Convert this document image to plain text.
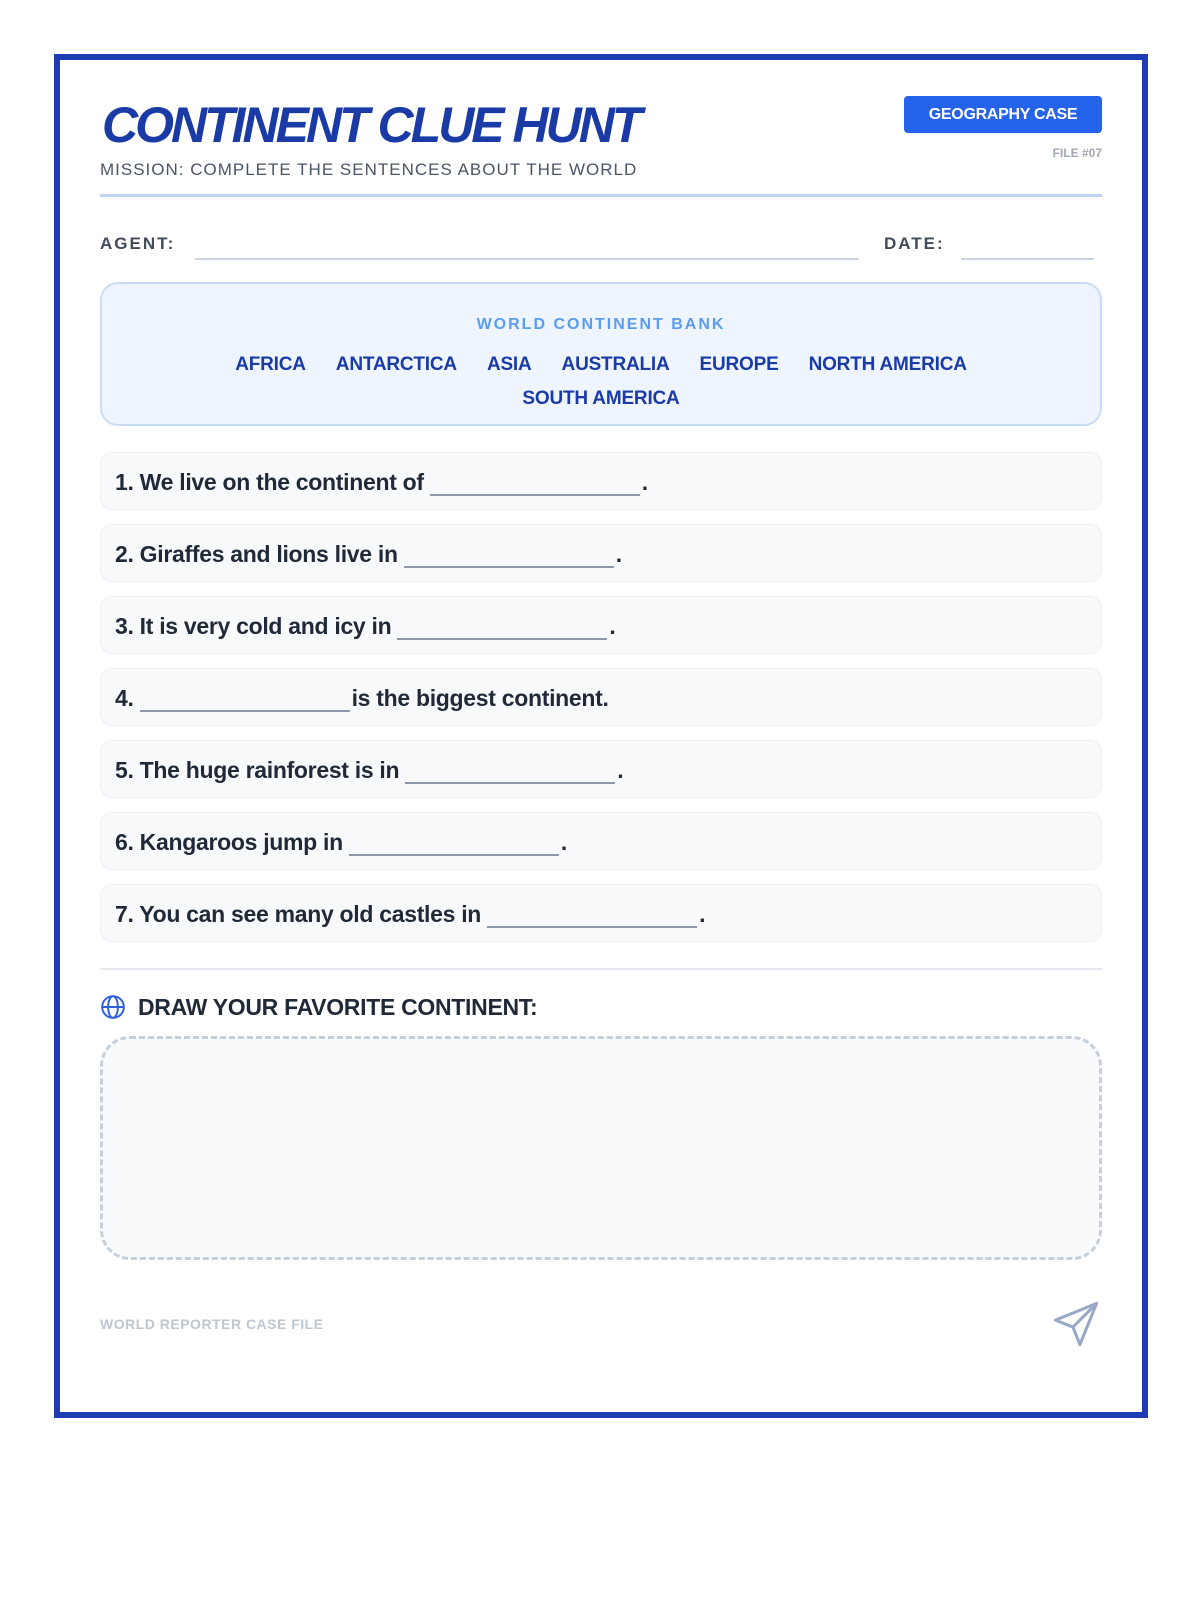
CONTINENT CLUE HUNT
MISSION: COMPLETE THE SENTENCES ABOUT THE WORLD
GEOGRAPHY CASE
FILE #07
AGENT:	DATE:
WORLD CONTINENT BANK
AFRICA ANTARCTICA ASIA AUSTRALIA EUROPE NORTH AMERICASOUTH AMERICA
1. We live on the continent of	.
2. Giraffes and lions live in	.
3. It is very cold and icy in	.
4.	is the biggest continent.
5. The huge rainforest is in	.
6. Kangaroos jump in	.
7. You can see many old castles in	.
DRAW YOUR FAVORITE CONTINENT:
WORLD REPORTER CASE FILE
